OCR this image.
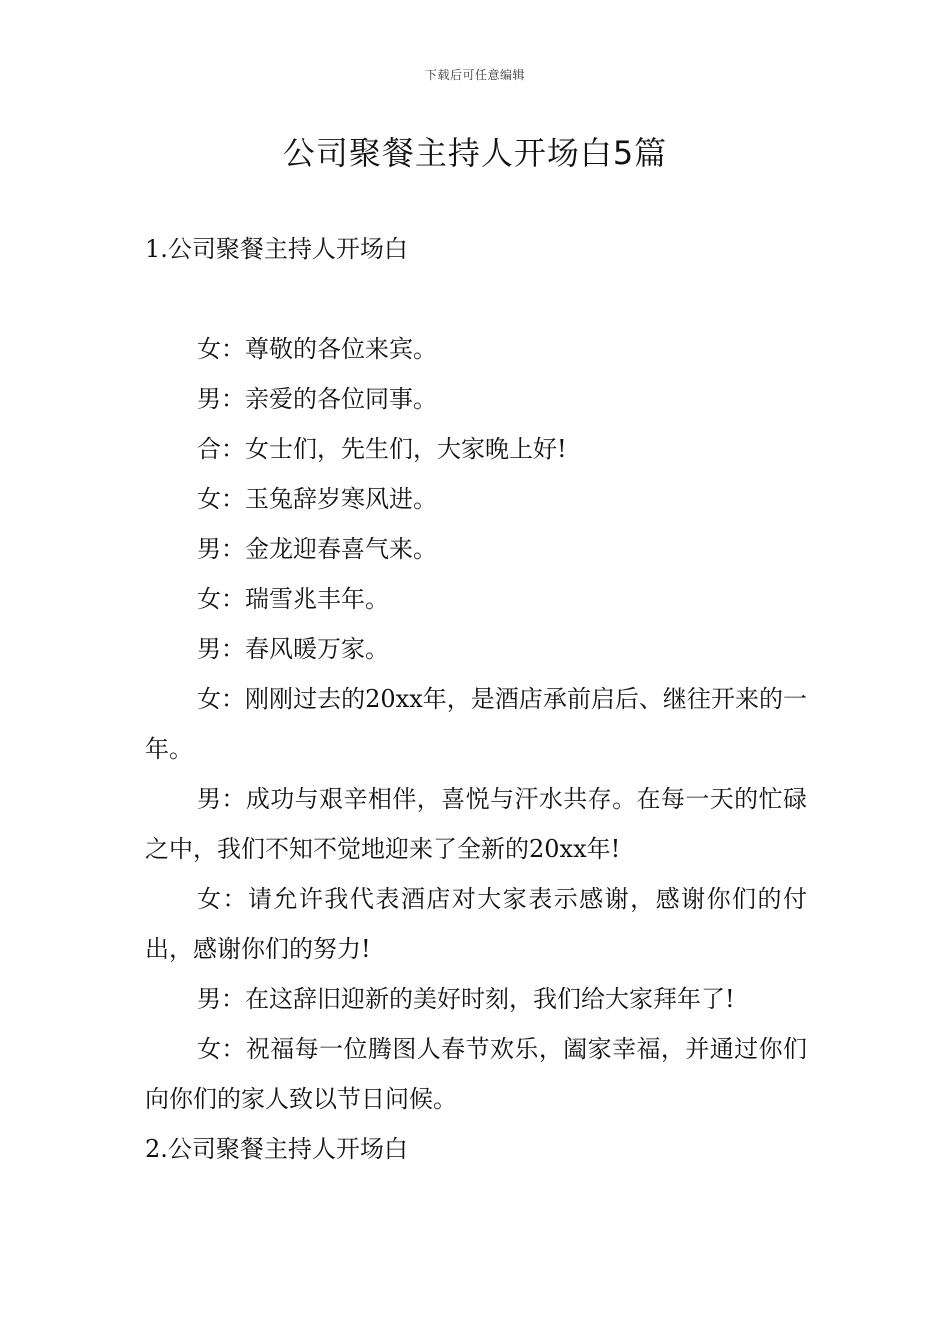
下载后可任意编辑
公司聚餐主持人开场白5篇
1.公司聚餐主持人开场白

女：尊敬的各位来宾。

男：亲爱的各位同事。

合：女士们，先生们，大家晚上好!

女：玉兔辞岁寒风进。

男：金龙迎春喜气来。

女：瑞雪兆丰年。

男：春风暖万家。

女：刚刚过去的20xx年，是酒店承前启后、继往开来的一年。

男：成功与艰辛相伴，喜悦与汗水共存。在每一天的忙碌之中，我们不知不觉地迎来了全新的20xx年!

女：请允许我代表酒店对大家表示感谢，感谢你们的付出，感谢你们的努力!

男：在这辞旧迎新的美好时刻，我们给大家拜年了!

女：祝福每一位腾图人春节欢乐，阖家幸福，并通过你们向你们的家人致以节日问候。

2.公司聚餐主持人开场白
